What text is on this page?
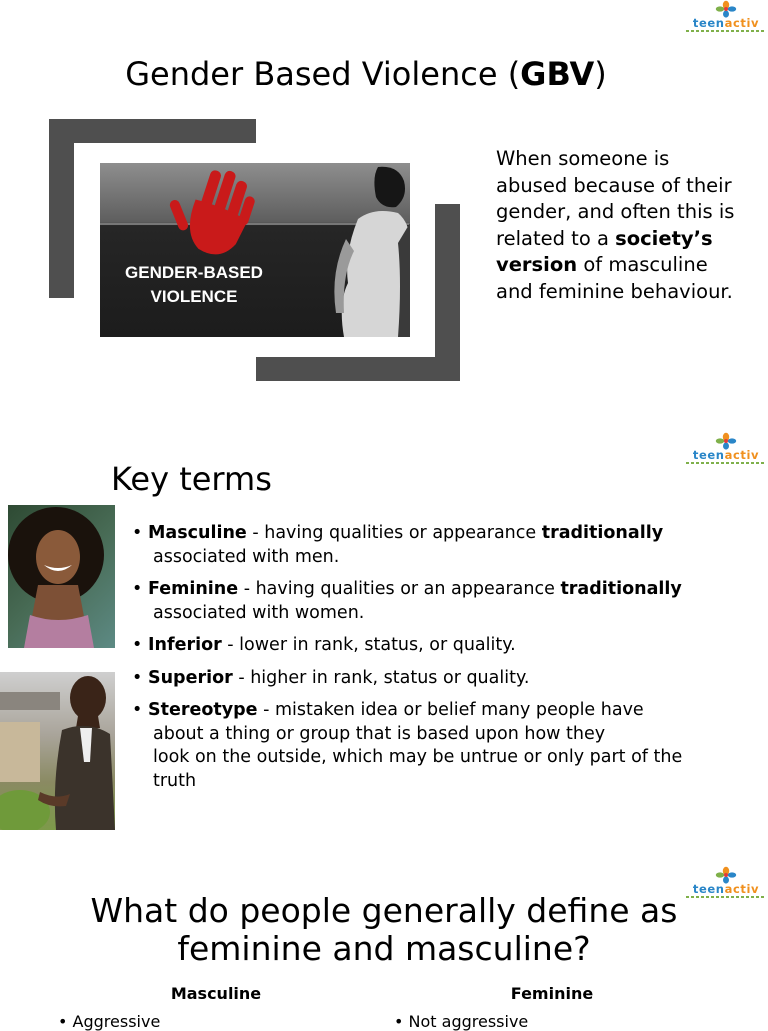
teenactiv
Gender Based Violence (GBV)
GENDER-BASED
VIOLENCE
When someone is abused because of their gender, and often this is related to a society’s version of masculine and feminine behaviour.
teenactiv
Key terms
• Masculine - having qualities or appearance traditionally
associated with men.
• Feminine - having qualities or an appearance traditionally
associated with women.
• Inferior - lower in rank, status, or quality.
• Superior - higher in rank, status or quality.
• Stereotype - mistaken idea or belief many people have
about a thing or group that is based upon how they
look on the outside, which may be untrue or only part of the
truth
teenactiv
What do people generally define as
feminine and masculine?
Masculine	Feminine
• Aggressive	• Not aggressive
